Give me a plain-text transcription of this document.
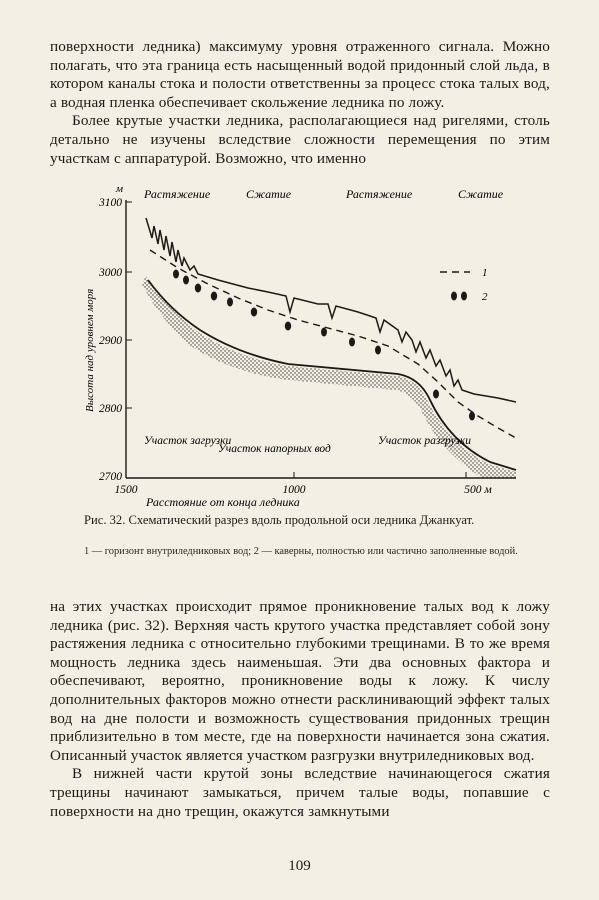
поверхности ледника) максимуму уровня отраженного сигнала. Можно полагать, что эта граница есть насыщенный водой придонный слой льда, в котором каналы стока и полости ответственны за процесс стока талых вод, а водная пленка обеспечивает скольжение ледника по ложу.

Более крутые участки ледника, располагающиеся над ригелями, столь детально не изучены вследствие сложности перемещения по этим участкам с аппаратурой. Возможно, что именно

м
3100
3000
2900
2800
2700
Высота над уровнем моря
1500	1000	500 м
Расстояние от конца ледника
Растяжение	Сжатие	Растяжение	Сжатие
1
2
Участок загрузки
Участок напорных вод
Участок разгрузки
Рис. 32. Схематический разрез вдоль продольной оси ледника Джанкуат.
1 — горизонт внутриледниковых вод; 2 — каверны, полностью или частично заполненные водой.

на этих участках происходит прямое проникновение талых вод к ложу ледника (рис. 32). Верхняя часть крутого участка представляет собой зону растяжения ледника с относительно глубокими трещинами. В то же время мощность ледника здесь наименьшая. Эти два основных фактора и обеспечивают, вероятно, проникновение воды к ложу. К числу дополнительных факторов можно отнести расклинивающий эффект талых вод на дне полости и возможность существования придонных трещин приблизительно в том месте, где на поверхности начинается зона сжатия. Описанный участок является участком разгрузки внутриледниковых вод.

В нижней части крутой зоны вследствие начинающегося сжатия трещины начинают замыкаться, причем талые воды, попавшие с поверхности на дно трещин, окажутся замкнутыми

109
